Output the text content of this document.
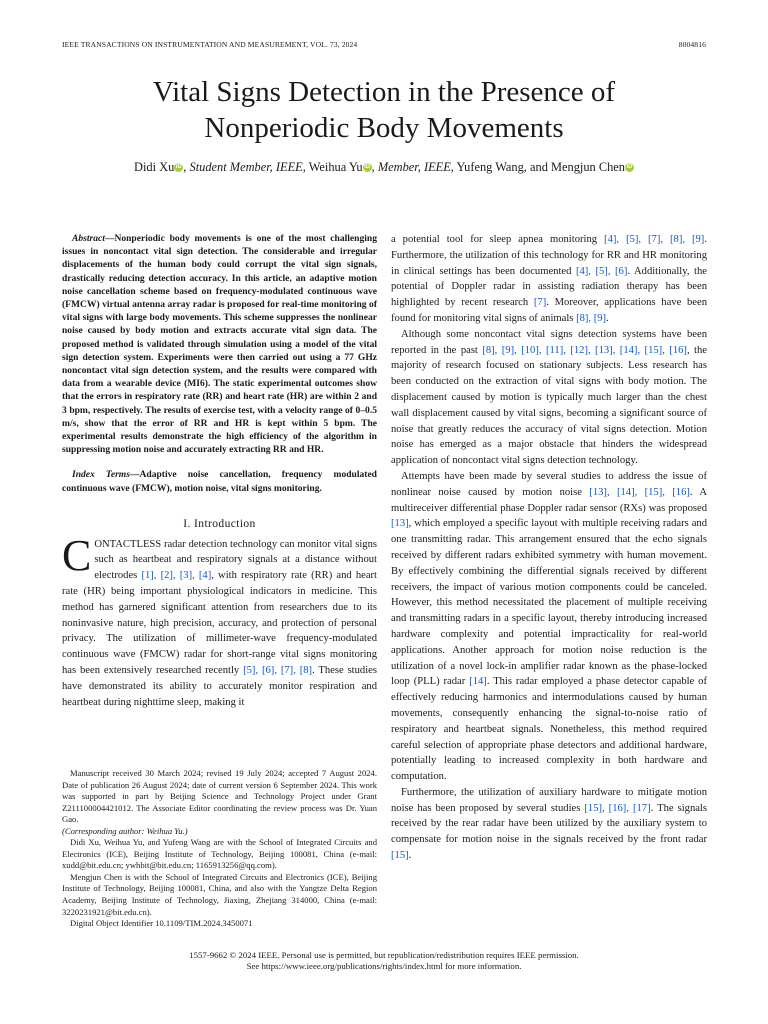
IEEE TRANSACTIONS ON INSTRUMENTATION AND MEASUREMENT, VOL. 73, 2024	8004816
Vital Signs Detection in the Presence of
Nonperiodic Body Movements
Didi Xu iD , Student Member, IEEE, Weihua Yu iD , Member, IEEE, Yufeng Wang, and Mengjun Chen iD

Abstract—Nonperiodic body movements is one of the most challenging issues in noncontact vital sign detection. The considerable and irregular displacements of the human body could corrupt the vital sign signals, drastically reducing detection accuracy. In this article, an adaptive motion noise cancellation scheme based on frequency-modulated continuous wave (FMCW) virtual antenna array radar is proposed for real-time monitoring of vital signs with large body movements. This scheme suppresses the nonlinear noise caused by body motion and extracts accurate vital sign data. The proposed method is validated through simulation using a model of the vital sign detection system. Experiments were then carried out using a 77 GHz noncontact vital sign detection system, and the results were compared with data from a wearable device (MI6). The static experimental outcomes show that the errors in respiratory rate (RR) and heart rate (HR) are within 2 and 3 bpm, respectively. The results of exercise test, with a velocity range of 0–0.5 m/s, show that the error of RR and HR is kept within 5 bpm. The experimental results demonstrate the high efficiency of the algorithm in suppressing motion noise and accurately extracting RR and HR.

Index Terms—Adaptive noise cancellation, frequency modulated continuous wave (FMCW), motion noise, vital signs monitoring.

I. Introduction

CONTACTLESS radar detection technology can monitor vital signs such as heartbeat and respiratory signals at a distance without electrodes [1], [2], [3], [4], with respiratory rate (RR) and heart rate (HR) being important physiological indicators in medicine. This method has garnered significant attention from researchers due to its noninvasive nature, high precision, accuracy, and protection of personal privacy. The utilization of millimeter-wave frequency-modulated continuous wave (FMCW) radar for short-range vital signs monitoring has been extensively researched recently [5], [6], [7], [8]. These studies have demonstrated its ability to accurately monitor respiration and heartbeat during nighttime sleep, making it

Manuscript received 30 March 2024; revised 19 July 2024; accepted 7 August 2024. Date of publication 26 August 2024; date of current version 6 September 2024. This work was supported in part by Beijing Science and Technology Project under Grant Z211100004421012. The Associate Editor coordinating the review process was Dr. Yuan Gao.
(Corresponding author: Weihua Yu.)

Didi Xu, Weihua Yu, and Yufeng Wang are with the School of Integrated Circuits and Electronics (ICE), Beijing Institute of Technology, Beijing 100081, China (e-mail: xudd@bit.edu.cn; ywhbit@bit.edu.cn; 1165913256@qq.com).

Mengjun Chen is with the School of Integrated Circuits and Electronics (ICE), Beijing Institute of Technology, Beijing 100081, China, and also with the Yangtze Delta Region Academy, Beijing Institute of Technology, Jiaxing, Zhejiang 314000, China (e-mail: 3220231921@bit.edu.cn).

Digital Object Identifier 10.1109/TIM.2024.3450071

a potential tool for sleep apnea monitoring [4], [5], [7], [8], [9]. Furthermore, the utilization of this technology for RR and HR monitoring in clinical settings has been documented [4], [5], [6]. Additionally, the potential of Doppler radar in assisting radiation therapy has been highlighted by recent research [7]. Moreover, applications have been found for monitoring vital signs of animals [8], [9].

Although some noncontact vital signs detection systems have been reported in the past [8], [9], [10], [11], [12], [13], [14], [15], [16], the majority of research focused on stationary subjects. Less research has been conducted on the extraction of vital signs with body motion. The displacement caused by motion is typically much larger than the chest wall displacement caused by vital signs, becoming a significant source of noise that greatly reduces the accuracy of vital signs detection. Motion noise has emerged as a major obstacle that hinders the widespread application of noncontact vital signs detection technology.

Attempts have been made by several studies to address the issue of nonlinear noise caused by motion noise [13], [14], [15], [16]. A multireceiver differential phase Doppler radar sensor (RXs) was proposed [13], which employed a specific layout with multiple receiving radars and one transmitting radar. This arrangement ensured that the echo signals received by different radars exhibited symmetry with human movement. By effectively combining the differential signals received by different receivers, the impact of various motion components could be canceled. However, this method necessitated the placement of multiple receiving and transmitting radars in a specific layout, thereby introducing increased hardware complexity and potential impracticality for real-world applications. Another approach for motion noise reduction is the utilization of a novel lock-in amplifier radar known as the phase-locked loop (PLL) radar [14]. This radar employed a phase detector capable of effectively reducing harmonics and intermodulations caused by human movements, consequently enhancing the signal-to-noise ratio of respiratory and heartbeat signals. Nonetheless, this method required careful selection of appropriate phase detectors and additional hardware, potentially leading to increased complexity in both hardware and computation.

Furthermore, the utilization of auxiliary hardware to mitigate motion noise has been proposed by several studies [15], [16], [17]. The signals received by the rear radar have been utilized by the auxiliary system to compensate for motion noise in the signals received by the front radar [15].

1557-9662 © 2024 IEEE. Personal use is permitted, but republication/redistribution requires IEEE permission.
See https://www.ieee.org/publications/rights/index.html for more information.
